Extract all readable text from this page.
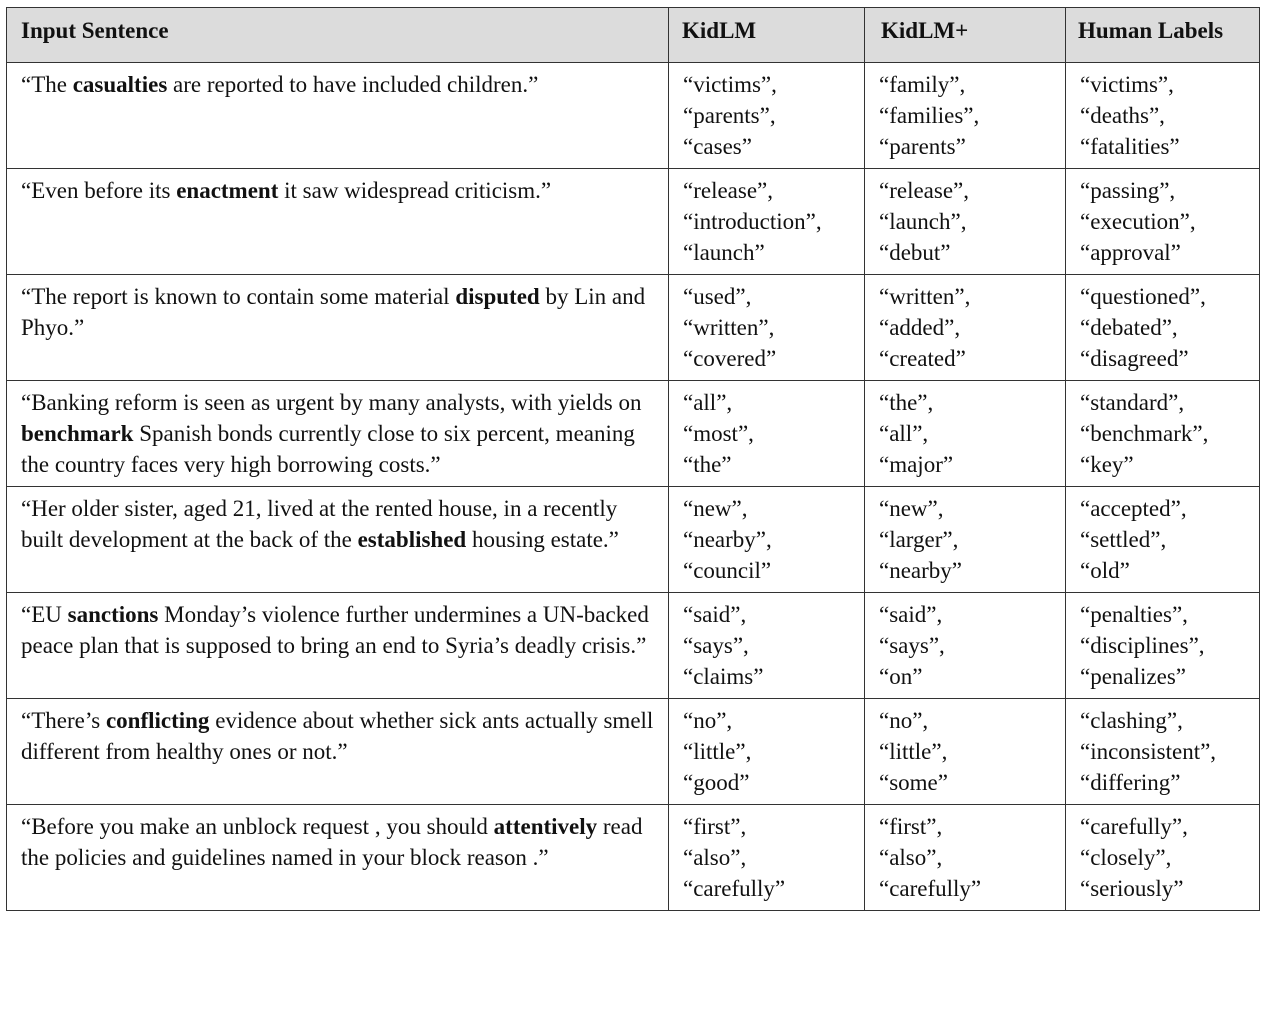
Input Sentence	KidLM	KidLM+	Human Labels
“The casualties are reported to have included children.”	“victims”,
“parents”,
“cases”	“family”,
“families”,
“parents”	“victims”,
“deaths”,
“fatalities”

“Even before its enactment it saw widespread criticism.”	“release”,
“introduction”,
“launch”	“release”,
“launch”,
“debut”	“passing”,
“execution”,
“approval”

“The report is known to contain some material disputed by Lin and Phyo.”	“used”,
“written”,
“covered”	“written”,
“added”,
“created”	“questioned”,
“debated”,
“disagreed”

“Banking reform is seen as urgent by many analysts, with yields on benchmark Spanish bonds currently close to six percent, meaning the country faces very high borrowing costs.”	“all”,
“most”,
“the”	“the”,
“all”,
“major”	“standard”,
“benchmark”,
“key”

“Her older sister, aged 21, lived at the rented house, in a recently built development at the back of the established housing estate.”	“new”,
“nearby”,
“council”	“new”,
“larger”,
“nearby”	“accepted”,
“settled”,
“old”

“EU sanctions Monday’s violence further undermines a UN-backed peace plan that is supposed to bring an end to Syria’s deadly crisis.”	“said”,
“says”,
“claims”	“said”,
“says”,
“on”	“penalties”,
“disciplines”,
“penalizes”

“There’s conflicting evidence about whether sick ants actually smell different from healthy ones or not.”	“no”,
“little”,
“good”	“no”,
“little”,
“some”	“clashing”,
“inconsistent”,
“differing”

“Before you make an unblock request , you should attentively read the policies and guidelines named in your block reason .”	“first”,
“also”,
“carefully”	“first”,
“also”,
“carefully”	“carefully”,
“closely”,
“seriously”
